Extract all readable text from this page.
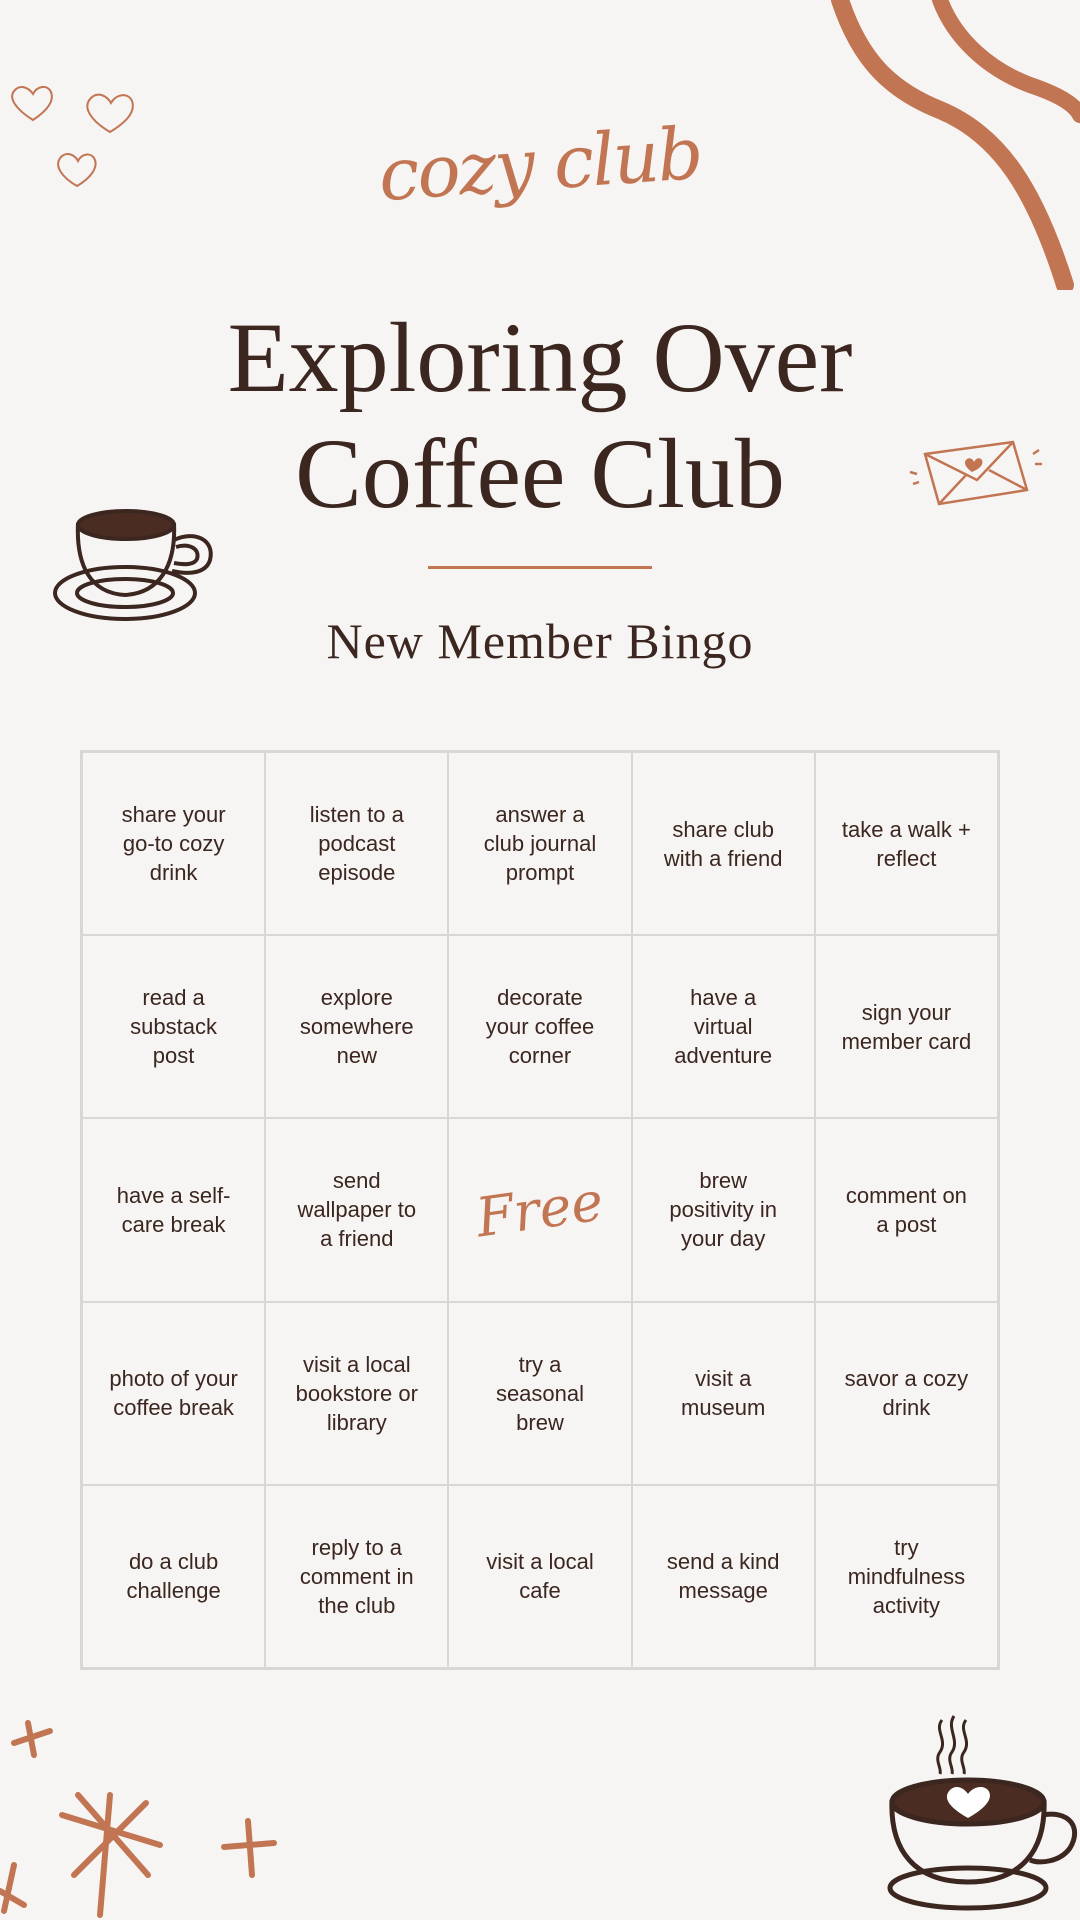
cozy club
Exploring Over
Coffee Club
New Member Bingo
share your go-to cozy drink
listen to a podcast episode
answer a club journal prompt
share club with a friend
take a walk + reflect
read a substack post
explore somewhere new
decorate your coffee corner
have a virtual adventure
sign your member card
have a self-care break
send wallpaper to a friend	Free	brew positivity in your day
comment on a post
photo of your coffee break
visit a local bookstore or library
try a seasonal brew
visit a museum
savor a cozy drink
do a club challenge
reply to a comment in the club
visit a local cafe
send a kind message
try mindfulness activity
